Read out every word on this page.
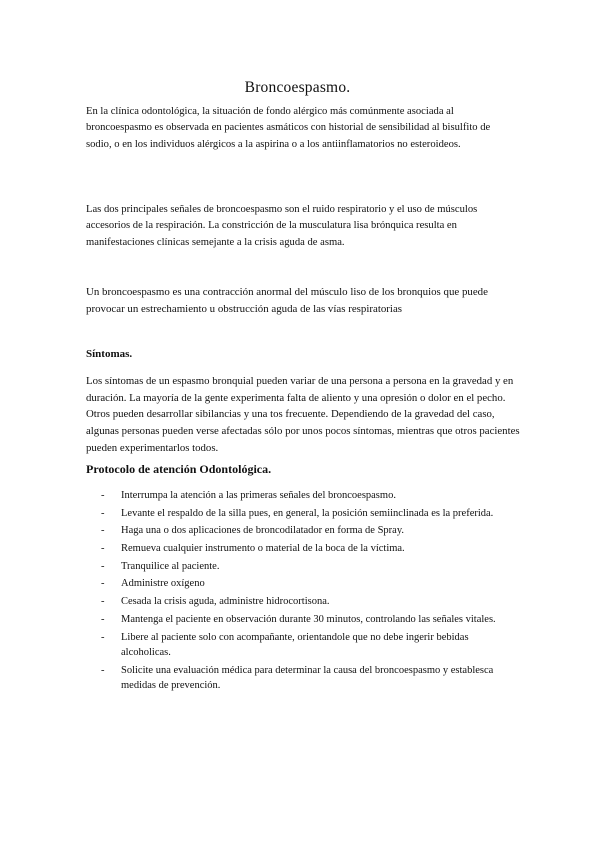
Broncoespasmo.

En la clínica odontológica, la situación de fondo alérgico más comúnmente asociada al broncoespasmo es observada en pacientes asmáticos con historial de sensibilidad al bisulfito de sodio, o en los individuos alérgicos a la aspirina o a los antiinflamatorios no esteroideos.

Las dos principales señales de broncoespasmo son el ruido respiratorio y el uso de músculos accesorios de la respiración. La constricción de la musculatura lisa brónquica resulta en manifestaciones clínicas semejante a la crisis aguda de asma.

Un broncoespasmo es una contracción anormal del músculo liso de los bronquios que puede provocar un estrechamiento u obstrucción aguda de las vías respiratorias

Síntomas.

Los síntomas de un espasmo bronquial pueden variar de una persona a persona en la gravedad y en duración. La mayoría de la gente experimenta falta de aliento y una opresión o dolor en el pecho. Otros pueden desarrollar sibilancias y una tos frecuente. Dependiendo de la gravedad del caso, algunas personas pueden verse afectadas sólo por unos pocos síntomas, mientras que otros pacientes pueden experimentarlos todos.

Protocolo de atención Odontológica.
- Interrumpa la atención a las primeras señales del broncoespasmo.
- Levante el respaldo de la silla pues, en general, la posición semiinclinada es la preferida.
- Haga una o dos aplicaciones de broncodilatador en forma de Spray.
- Remueva cualquier instrumento o material de la boca de la víctima.
- Tranquilice al paciente.
- Administre oxígeno
- Cesada la crisis aguda, administre hidrocortisona.
- Mantenga el paciente en observación durante 30 minutos, controlando las señales vitales.
- Libere al paciente solo con acompañante, orientandole que no debe ingerir bebidas alcoholicas.
- Solicite una evaluación médica para determinar la causa del broncoespasmo y establesca medidas de prevención.
